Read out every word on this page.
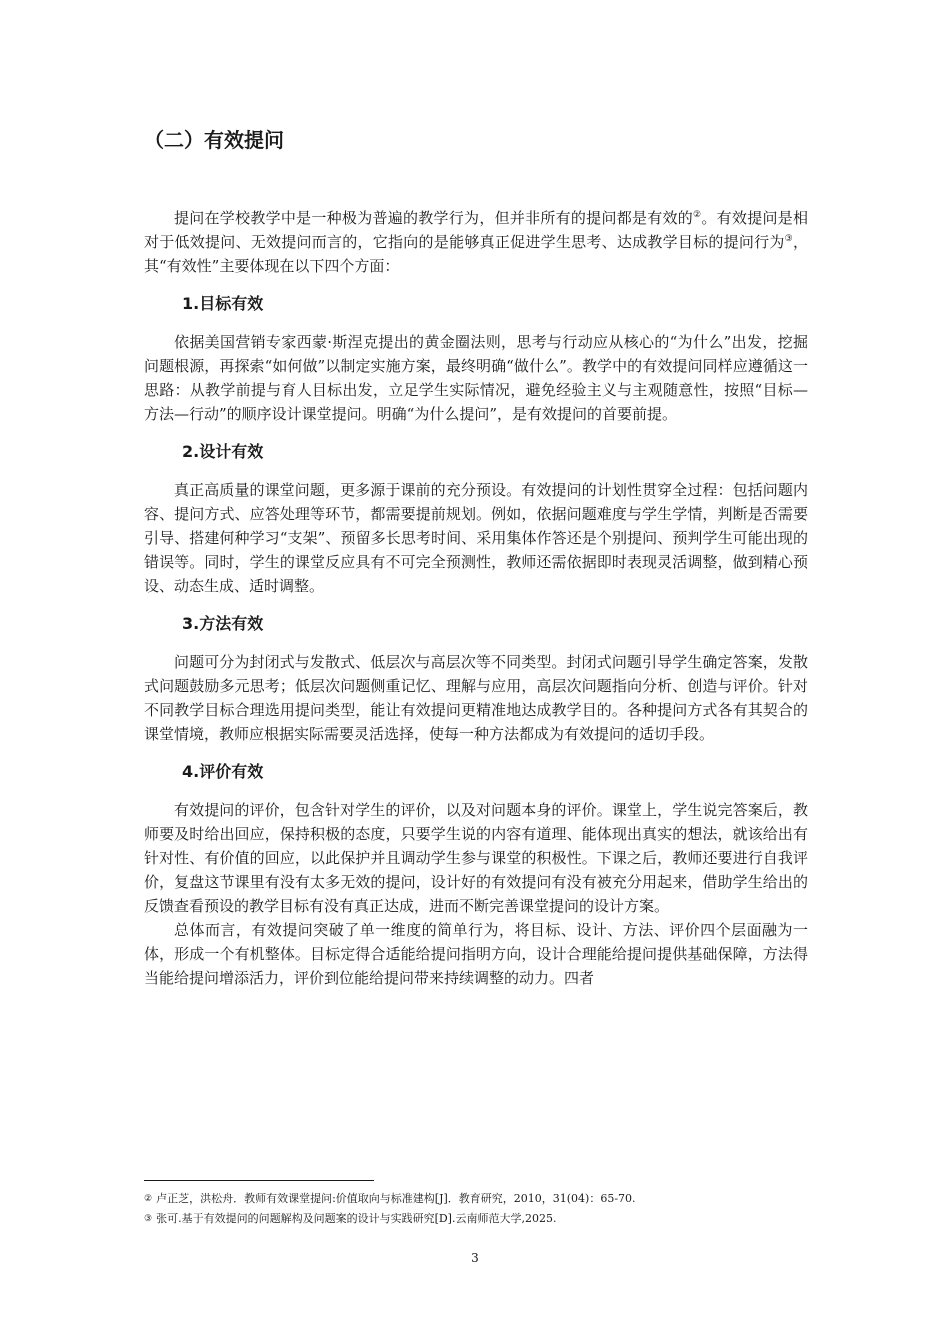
（二）有效提问

提问在学校教学中是一种极为普遍的教学行为，但并非所有的提问都是有效的②。有效提问是相对于低效提问、无效提问而言的，它指向的是能够真正促进学生思考、达成教学目标的提问行为③，其“有效性”主要体现在以下四个方面：

1.目标有效

依据美国营销专家西蒙·斯涅克提出的黄金圈法则，思考与行动应从核心的“为什么”出发，挖掘问题根源，再探索“如何做”以制定实施方案，最终明确“做什么”。教学中的有效提问同样应遵循这一思路：从教学前提与育人目标出发，立足学生实际情况，避免经验主义与主观随意性，按照“目标—方法—行动”的顺序设计课堂提问。明确“为什么提问”，是有效提问的首要前提。

2.设计有效

真正高质量的课堂问题，更多源于课前的充分预设。有效提问的计划性贯穿全过程：包括问题内容、提问方式、应答处理等环节，都需要提前规划。例如，依据问题难度与学生学情，判断是否需要引导、搭建何种学习“支架”、预留多长思考时间、采用集体作答还是个别提问、预判学生可能出现的错误等。同时，学生的课堂反应具有不可完全预测性，教师还需依据即时表现灵活调整，做到精心预设、动态生成、适时调整。

3.方法有效

问题可分为封闭式与发散式、低层次与高层次等不同类型。封闭式问题引导学生确定答案，发散式问题鼓励多元思考；低层次问题侧重记忆、理解与应用，高层次问题指向分析、创造与评价。针对不同教学目标合理选用提问类型，能让有效提问更精准地达成教学目的。各种提问方式各有其契合的课堂情境，教师应根据实际需要灵活选择，使每一种方法都成为有效提问的适切手段。

4.评价有效

有效提问的评价，包含针对学生的评价，以及对问题本身的评价。课堂上，学生说完答案后，教师要及时给出回应，保持积极的态度，只要学生说的内容有道理、能体现出真实的想法，就该给出有针对性、有价值的回应，以此保护并且调动学生参与课堂的积极性。下课之后，教师还要进行自我评价，复盘这节课里有没有太多无效的提问，设计好的有效提问有没有被充分用起来，借助学生给出的反馈查看预设的教学目标有没有真正达成，进而不断完善课堂提问的设计方案。

总体而言，有效提问突破了单一维度的简单行为，将目标、设计、方法、评价四个层面融为一体，形成一个有机整体。目标定得合适能给提问指明方向，设计合理能给提问提供基础保障，方法得当能给提问增添活力，评价到位能给提问带来持续调整的动力。四者

② 卢正芝，洪松舟．教师有效课堂提问:价值取向与标准建构[J]．教育研究，2010，31(04)：65-70.
③ 张可.基于有效提问的问题解构及问题案的设计与实践研究[D].云南师范大学,2025.
3
